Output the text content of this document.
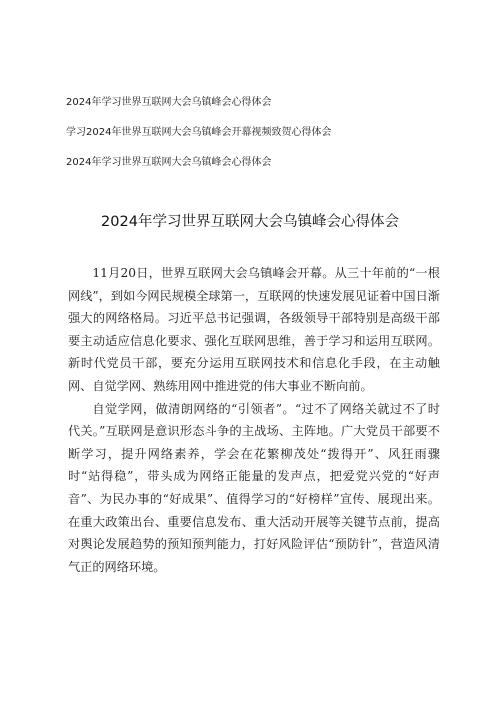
2024年学习世界互联网大会乌镇峰会心得体会
学习2024年世界互联网大会乌镇峰会开幕视频致贺心得体会
2024年学习世界互联网大会乌镇峰会心得体会
2024年学习世界互联网大会乌镇峰会心得体会

11月20日，世界互联网大会乌镇峰会开幕。从三十年前的“一根网线”，到如今网民规模全球第一，互联网的快速发展见证着中国日渐强大的网络格局。习近平总书记强调，各级领导干部特别是高级干部要主动适应信息化要求、强化互联网思维，善于学习和运用互联网。新时代党员干部，要充分运用互联网技术和信息化手段，在主动触网、自觉学网、熟练用网中推进党的伟大事业不断向前。

自觉学网，做清朗网络的“引领者”。“过不了网络关就过不了时代关。”互联网是意识形态斗争的主战场、主阵地。广大党员干部要不断学习，提升网络素养，学会在花繁柳茂处“拨得开”、风狂雨骤时“站得稳”，带头成为网络正能量的发声点，把爱党兴党的“好声音”、为民办事的“好成果”、值得学习的“好榜样”宣传、展现出来。在重大政策出台、重要信息发布、重大活动开展等关键节点前，提高对舆论发展趋势的预知预判能力，打好风险评估“预防针”，营造风清气正的网络环境。
